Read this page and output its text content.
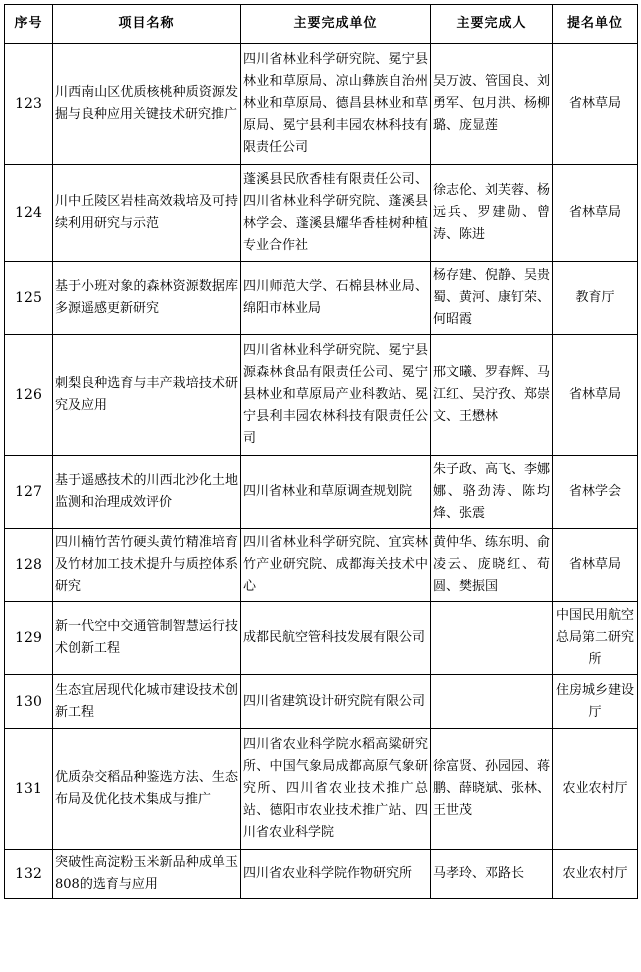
序号	项目名称	主要完成单位	主要完成人	提名单位
123	川西南山区优质核桃种质资源发掘与良种应用关键技术研究推广	四川省林业科学研究院、冕宁县林业和草原局、凉山彝族自治州林业和草原局、德昌县林业和草原局、冕宁县利丰园农林科技有限责任公司	吴万波、管国良、刘勇军、包月洪、杨柳璐、庞显莲	省林草局
124	川中丘陵区岩桂高效栽培及可持续利用研究与示范	蓬溪县民欣香桂有限责任公司、四川省林业科学研究院、蓬溪县林学会、蓬溪县耀华香桂树种植专业合作社	徐志伦、刘芙蓉、杨远兵、罗建勋、曾涛、陈进	省林草局
125	基于小班对象的森林资源数据库多源遥感更新研究	四川师范大学、石棉县林业局、绵阳市林业局	杨存建、倪静、吴贵蜀、黄河、康钉荣、何昭霞	教育厅
126	刺梨良种选育与丰产栽培技术研究及应用	四川省林业科学研究院、冕宁县源森林食品有限责任公司、冕宁县林业和草原局产业科教站、冕宁县利丰园农林科技有限责任公司	邢文曦、罗春辉、马江红、吴泞孜、郑崇文、王懋林	省林草局
127	基于遥感技术的川西北沙化土地监测和治理成效评价	四川省林业和草原调查规划院	朱子政、高飞、李娜娜、骆劲涛、陈均烽、张震	省林学会
128	四川楠竹苦竹硬头黄竹精准培育及竹材加工技术提升与质控体系研究	四川省林业科学研究院、宜宾林竹产业研究院、成都海关技术中心	黄仲华、练东明、俞凌云、庞晓红、荀圆、樊振国	省林草局
129	新一代空中交通管制智慧运行技术创新工程	成都民航空管科技发展有限公司		中国民用航空总局第二研究所
130	生态宜居现代化城市建设技术创新工程	四川省建筑设计研究院有限公司		住房城乡建设厅
131	优质杂交稻品种鉴选方法、生态布局及优化技术集成与推广	四川省农业科学院水稻高粱研究所、中国气象局成都高原气象研究所、四川省农业技术推广总站、德阳市农业技术推广站、四川省农业科学院	徐富贤、孙园园、蒋鹏、薛晓斌、张林、王世茂	农业农村厅
132	突破性高淀粉玉米新品种成单玉808的选育与应用	四川省农业科学院作物研究所	马孝玲、邓路长	农业农村厅
